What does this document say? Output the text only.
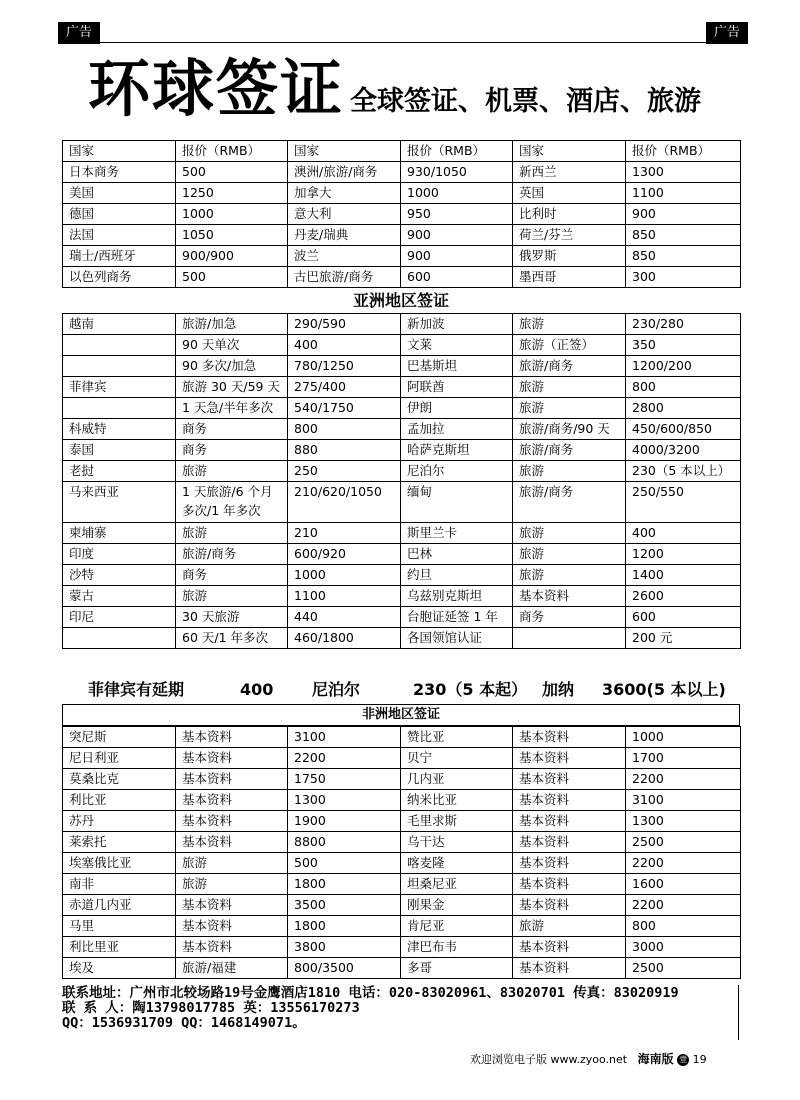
广告	广告
环球签证 全球签证、机票、酒店、旅游
国家	报价（RMB）	国家	报价（RMB）	国家	报价（RMB）
日本商务	500	澳洲/旅游/商务	930/1050	新西兰	1300
美国	1250	加拿大	1000	英国	1100
德国	1000	意大利	950	比利时	900
法国	1050	丹麦/瑞典	900	荷兰/芬兰	850
瑞士/西班牙	900/900	波兰	900	俄罗斯	850
以色列商务	500	古巴旅游/商务	600	墨西哥	300
亚洲地区签证
越南	旅游/加急	290/590	新加波	旅游	230/280
	90 天单次	400	文莱	旅游（正签）	350
	90 多次/加急	780/1250	巴基斯坦	旅游/商务	1200/200
菲律宾	旅游 30 天/59 天	275/400	阿联酋	旅游	800
	1 天急/半年多次	540/1750	伊朗	旅游	2800
科威特	商务	800	孟加拉	旅游/商务/90 天	450/600/850
泰国	商务	880	哈萨克斯坦	旅游/商务	4000/3200
老挝	旅游	250	尼泊尔	旅游	230（5 本以上）
马来西亚	1 天旅游/6 个月多次/1 年多次	210/620/1050	缅甸	旅游/商务	250/550
柬埔寨	旅游	210	斯里兰卡	旅游	400
印度	旅游/商务	600/920	巴林	旅游	1200
沙特	商务	1000	约旦	旅游	1400
蒙古	旅游	1100	乌兹别克斯坦	基本资料	2600
印尼	30 天旅游	440	台胞证延签 1 年	商务	600
	60 天/1 年多次	460/1800	各国领馆认证		200 元
菲律宾有延期	400 尼泊尔	230（5 本起） 加纳 3600(5 本以上)
非洲地区签证
突尼斯	基本资料	3100	赞比亚	基本资料	1000
尼日利亚	基本资料	2200	贝宁	基本资料	1700
莫桑比克	基本资料	1750	几内亚	基本资料	2200
利比亚	基本资料	1300	纳米比亚	基本资料	3100
苏丹	基本资料	1900	毛里求斯	基本资料	1300
莱索托	基本资料	8800	乌干达	基本资料	2500
埃塞俄比亚	旅游	500	喀麦隆	基本资料	2200
南非	旅游	1800	坦桑尼亚	基本资料	1600
赤道几内亚	基本资料	3500	刚果金	基本资料	2200
马里	基本资料	1800	肯尼亚	旅游	800
利比里亚	基本资料	3800	津巴布韦	基本资料	3000
埃及	旅游/福建	800/3500	多哥	基本资料	2500
联系地址：广州市北较场路19号金鹰酒店1810 电话：020-83020961、83020701 传真：83020919
联 系 人：陶13798017785 英：13556170273
QQ：1536931709 QQ：1468149071。
欢迎浏览电子版 www.zyoo.net 海南版 壹 19
